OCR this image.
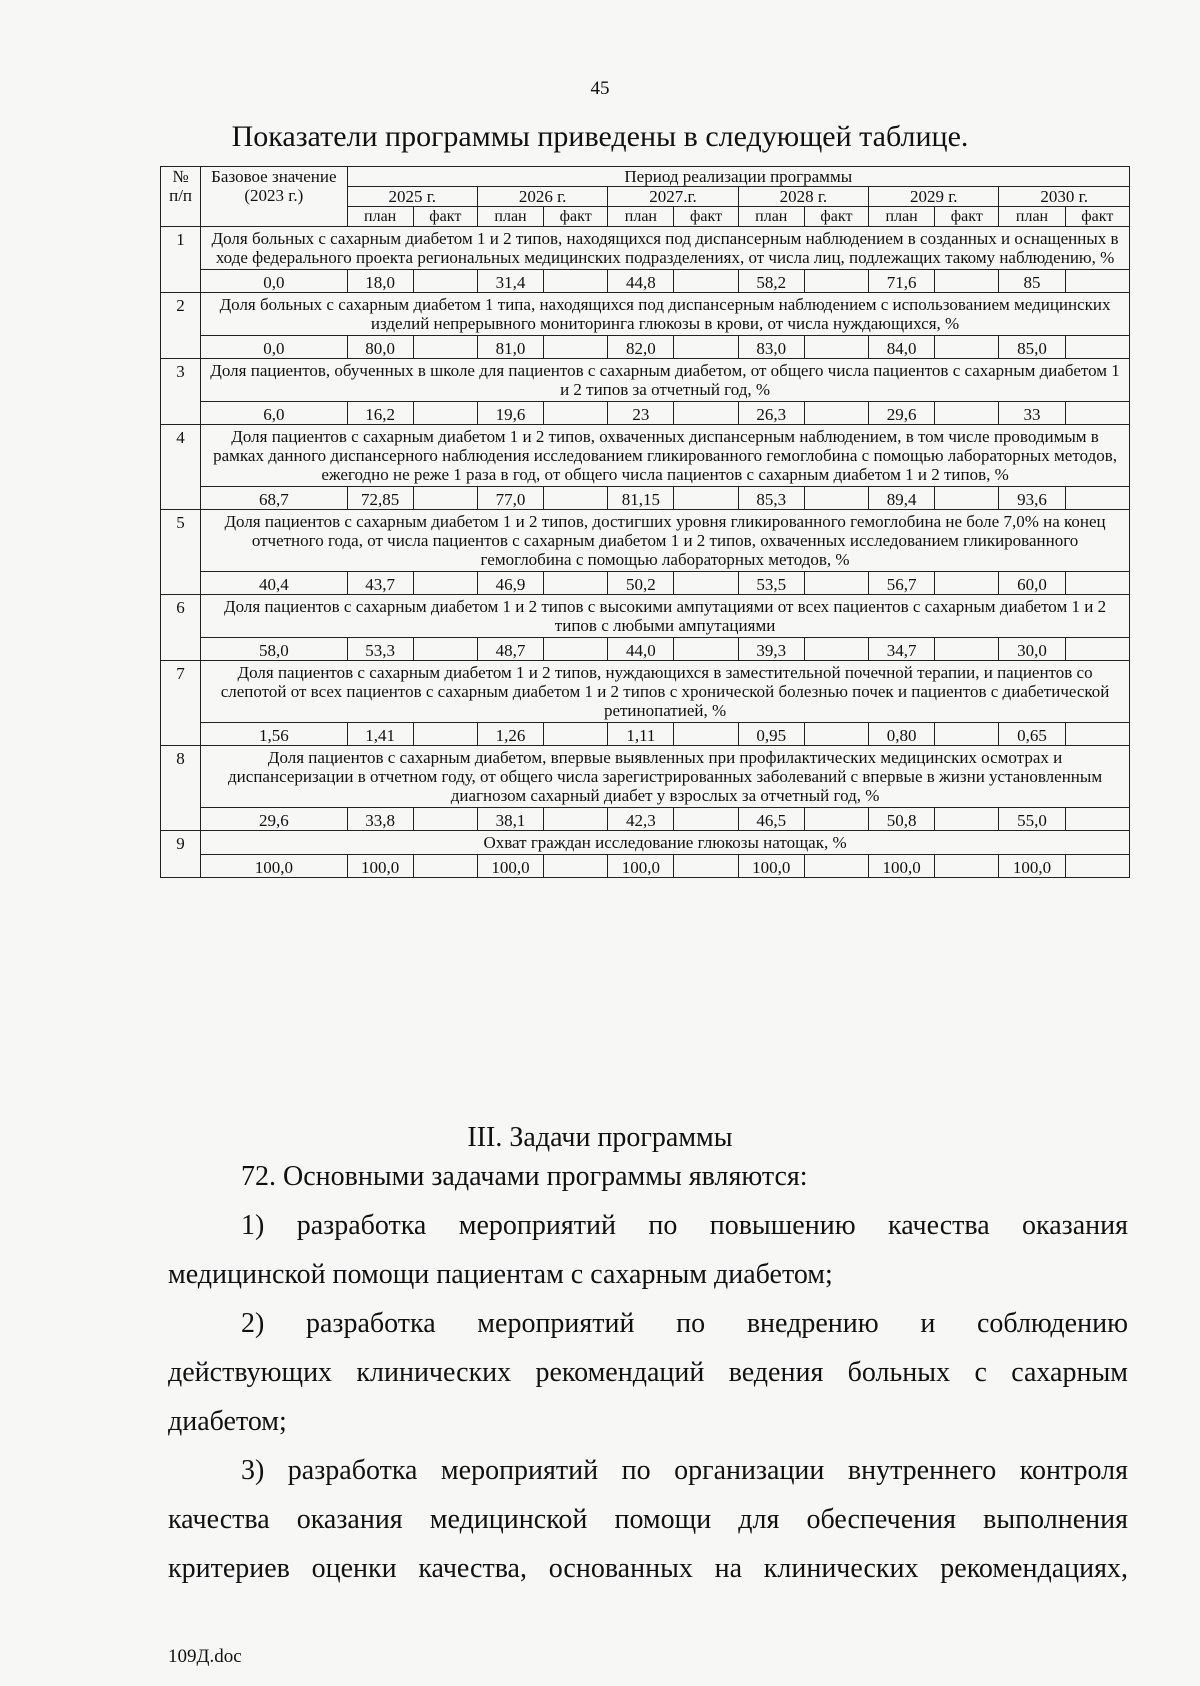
45
Показатели программы приведены в следующей таблице.
№ п/п	Базовое значение (2023 г.)	Период реализации программы											
		2025 г.		2026 г.		2027.г.		2028 г.		2029 г.		2030 г.	
		план	факт	план	факт	план	факт	план	факт	план	факт	план	факт
1	Доля больных с сахарным диабетом 1 и 2 типов, находящихся под диспансерным наблюдением в созданных и оснащенных в ходе федерального проекта региональных медицинских подразделениях, от числа лиц, подлежащих такому наблюдению, %												
	0,0	18,0		31,4		44,8		58,2		71,6		85	
2	Доля больных с сахарным диабетом 1 типа, находящихся под диспансерным наблюдением с использованием медицинских изделий непрерывного мониторинга глюкозы в крови, от числа нуждающихся, %												
	0,0	80,0		81,0		82,0		83,0		84,0		85,0	
3	Доля пациентов, обученных в школе для пациентов с сахарным диабетом, от общего числа пациентов с сахарным диабетом 1 и 2 типов за отчетный год, %												
	6,0	16,2		19,6		23		26,3		29,6		33	
4	Доля пациентов с сахарным диабетом 1 и 2 типов, охваченных диспансерным наблюдением, в том числе проводимым в рамках данного диспансерного наблюдения исследованием гликированного гемоглобина с помощью лабораторных методов, ежегодно не реже 1 раза в год, от общего числа пациентов с сахарным диабетом 1 и 2 типов, %												
	68,7	72,85		77,0		81,15		85,3		89,4		93,6	
5	Доля пациентов с сахарным диабетом 1 и 2 типов, достигших уровня гликированного гемоглобина не боле 7,0% на конец отчетного года, от числа пациентов с сахарным диабетом 1 и 2 типов, охваченных исследованием гликированного гемоглобина с помощью лабораторных методов, %												
	40,4	43,7		46,9		50,2		53,5		56,7		60,0	
6	Доля пациентов с сахарным диабетом 1 и 2 типов с высокими ампутациями от всех пациентов с сахарным диабетом 1 и 2 типов с любыми ампутациями												
	58,0	53,3		48,7		44,0		39,3		34,7		30,0	
7	Доля пациентов с сахарным диабетом 1 и 2 типов, нуждающихся в заместительной почечной терапии, и пациентов со слепотой от всех пациентов с сахарным диабетом 1 и 2 типов с хронической болезнью почек и пациентов с диабетической ретинопатией, %												
	1,56	1,41		1,26		1,11		0,95		0,80		0,65	
8	Доля пациентов с сахарным диабетом, впервые выявленных при профилактических медицинских осмотрах и диспансеризации в отчетном году, от общего числа зарегистрированных заболеваний с впервые в жизни установленным диагнозом сахарный диабет у взрослых за отчетный год, %												
	29,6	33,8		38,1		42,3		46,5		50,8		55,0	
9	Охват граждан исследование глюкозы натощак, %												
	100,0	100,0		100,0		100,0		100,0		100,0		100,0	
III. Задачи программы

72. Основными задачами программы являются:

1) разработка мероприятий по повышению качества оказания

медицинской помощи пациентам с сахарным диабетом;

2) разработка мероприятий по внедрению и соблюдению

действующих клинических рекомендаций ведения больных с сахарным

диабетом;

3) разработка мероприятий по организации внутреннего контроля

качества оказания медицинской помощи для обеспечения выполнения

критериев оценки качества, основанных на клинических рекомендациях,

109Д.doc
